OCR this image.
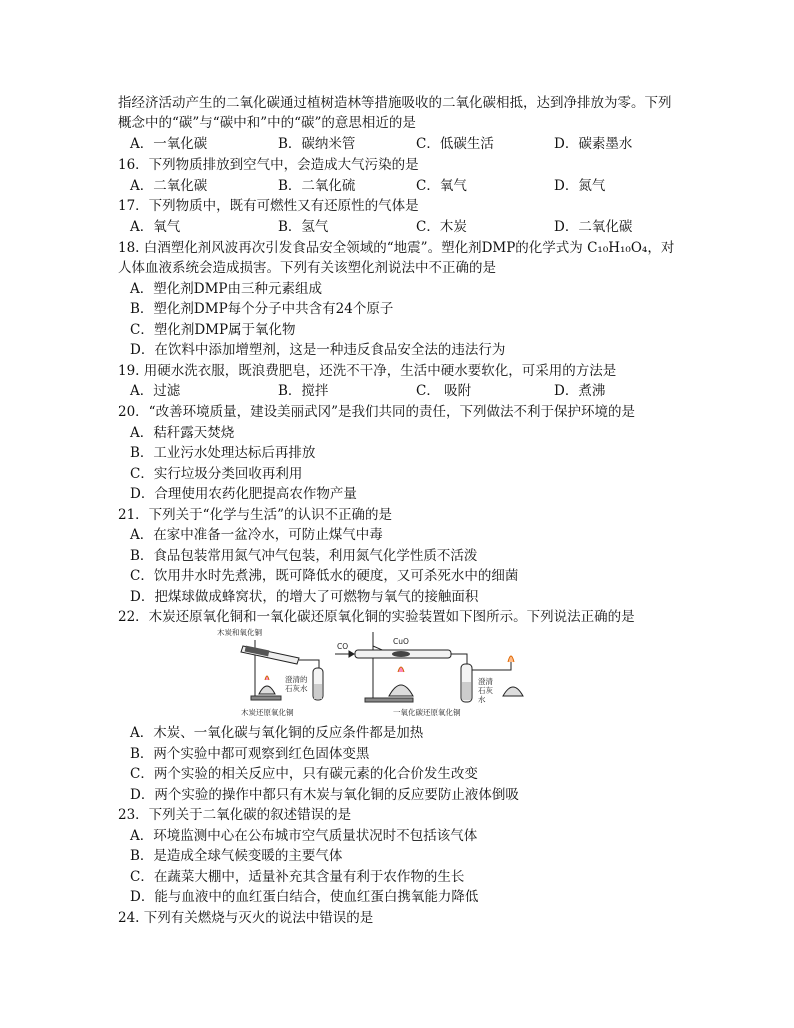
指经济活动产生的二氧化碳通过植树造林等措施吸收的二氧化碳相抵，达到净排放为零。下列
概念中的“碳”与“碳中和”中的“碳”的意思相近的是
A．一氧化碳	B．碳纳米管	C．低碳生活	D．碳素墨水
16．下列物质排放到空气中，会造成大气污染的是
A．二氧化碳	B．二氧化硫	C．氧气	D．氮气
17．下列物质中，既有可燃性又有还原性的气体是
A．氧气	B．氢气	C．木炭	D．二氧化碳
18. 白酒塑化剂风波再次引发食品安全领域的“地震”。塑化剂DMP的化学式为 C₁₀H₁₀O₄，对
人体血液系统会造成损害。下列有关该塑化剂说法中不正确的是
A．塑化剂DMP由三种元素组成
B．塑化剂DMP每个分子中共含有24个原子
C．塑化剂DMP属于氧化物
D．在饮料中添加增塑剂，这是一种违反食品安全法的违法行为
19. 用硬水洗衣服，既浪费肥皂，还洗不干净，生活中硬水要软化，可采用的方法是
A．过滤	B．搅拌	C． 吸附	D．煮沸
20．“改善环境质量，建设美丽武冈”是我们共同的责任，下列做法不利于保护环境的是
A．秸秆露天焚烧
B．工业污水处理达标后再排放
C．实行垃圾分类回收再利用
D．合理使用农药化肥提高农作物产量
21．下列关于“化学与生活”的认识不正确的是
A．在家中准备一盆冷水，可防止煤气中毒
B．食品包装常用氮气冲气包装，利用氮气化学性质不活泼
C．饮用井水时先煮沸，既可降低水的硬度，又可杀死水中的细菌
D．把煤球做成蜂窝状，的增大了可燃物与氧气的接触面积
22．木炭还原氧化铜和一氧化碳还原氧化铜的实验装置如下图所示。下列说法正确的是
木炭和氧化铜
澄清的
石灰水
木炭还原氧化铜
CO
CuO
澄清
石灰
水
一氧化碳还原氧化铜
A．木炭、一氧化碳与氧化铜的反应条件都是加热
B．两个实验中都可观察到红色固体变黑
C．两个实验的相关反应中，只有碳元素的化合价发生改变
D．两个实验的操作中都只有木炭与氧化铜的反应要防止液体倒吸
23．下列关于二氧化碳的叙述错误的是
A．环境监测中心在公布城市空气质量状况时不包括该气体
B．是造成全球气候变暖的主要气体
C．在蔬菜大棚中，适量补充其含量有利于农作物的生长
D．能与血液中的血红蛋白结合，使血红蛋白携氧能力降低
24. 下列有关燃烧与灭火的说法中错误的是
